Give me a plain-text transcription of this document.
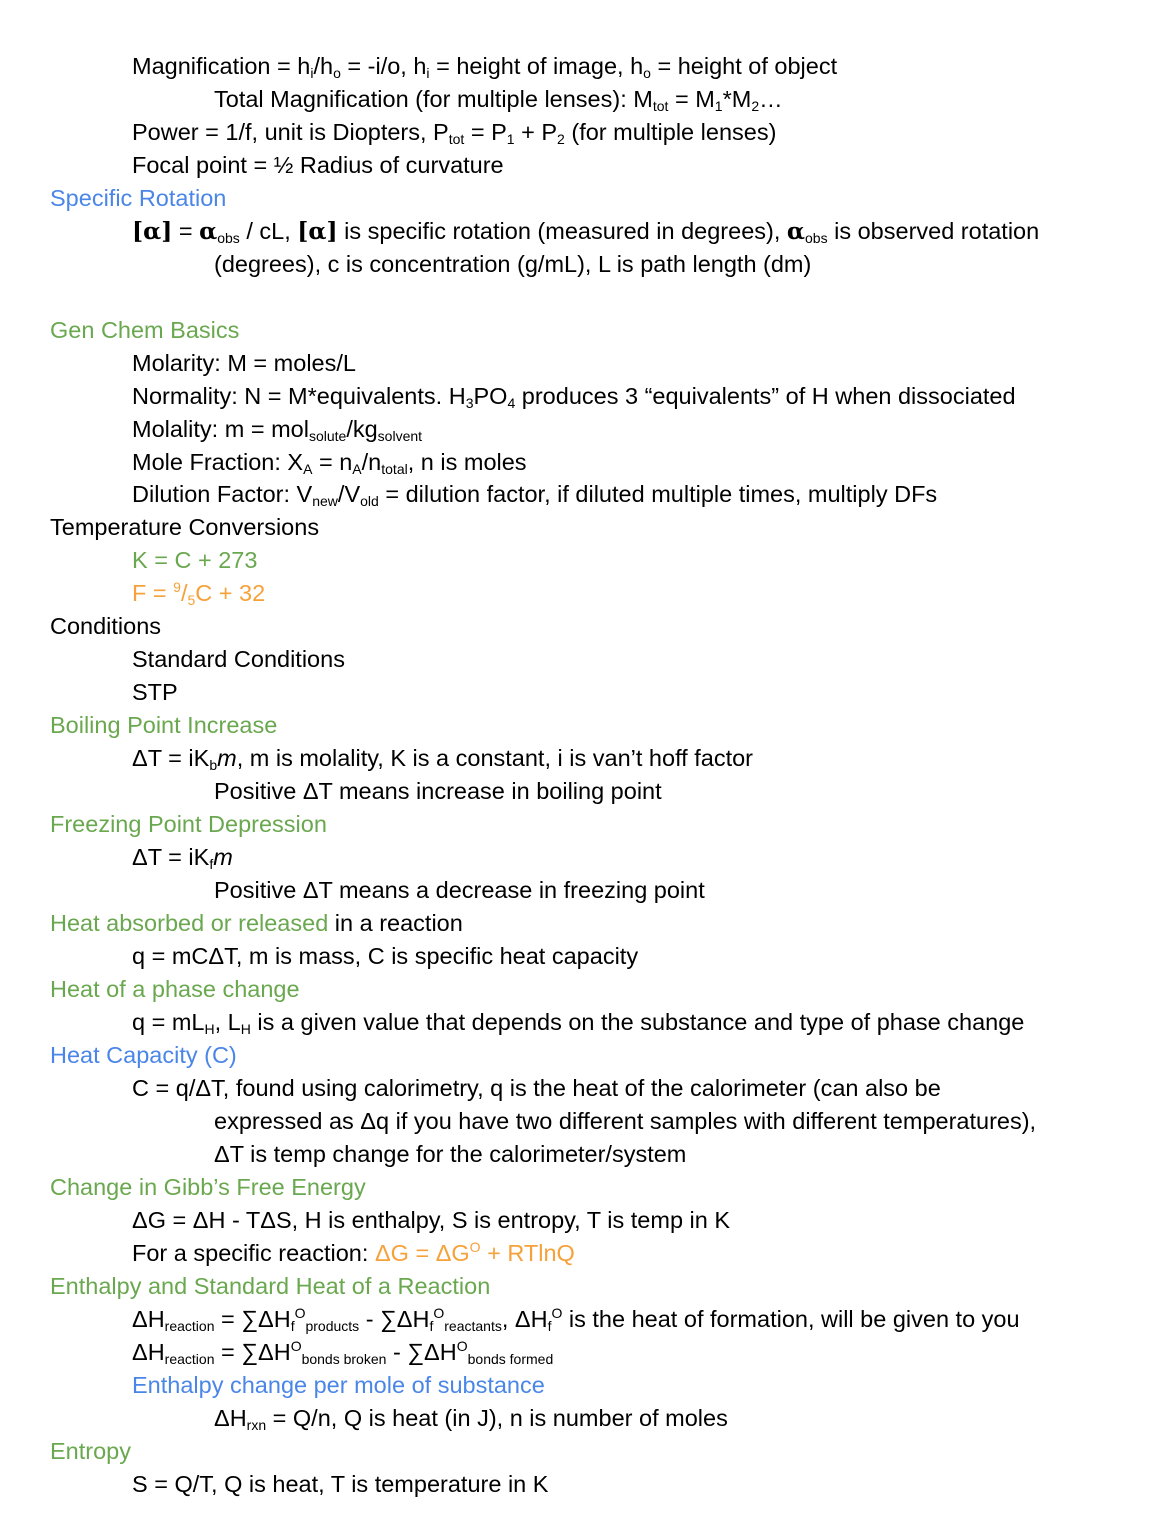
Magnification = $h_i/h_o = -i/o$, $h_i$ = height of image, $h_o$ = height of object
Total Magnification (for multiple lenses): $M_{tot}$ = $M_1*M_2\dots$
Power = 1/f, unit is Diopters, $P_{tot} = P_1 + P_2$ (for multiple lenses)
Focal point = ½ Radius of curvature
Specific Rotation
$[\alpha] = \alpha_{obs}$ / cL, [α] is specific rotation (measured in degrees), $\alpha_{obs}$ is observed rotation
(degrees), c is concentration (g/mL), L is path length (dm)
Gen Chem Basics
Molarity: M = moles/L
Normality: N = M*equivalents. $H_3PO_4$ produces 3 “equivalents” of H when dissociated
Molality: $m = mol_{solute}/kg_{solvent}$
Mole Fraction: $X_A = n_A/n_{total}$, n is moles
Dilution Factor: $V_{new}/V_{old}$ = dilution factor, if diluted multiple times, multiply DFs
Temperature Conversions
K = C + 273
$F = ^9/_5C + 32$
Conditions
Standard Conditions
STP
Boiling Point Increase
$\Delta T = iK_bm$, m is molality, K is a constant, i is van’t hoff factor
Positive ΔT means increase in boiling point
Freezing Point Depression
$\Delta T = iK_fm$
Positive ΔT means a decrease in freezing point
Heat absorbed or released in a reaction
q = mCΔT, m is mass, C is specific heat capacity
Heat of a phase change
$q = mL_H$, $L_H$ is a given value that depends on the substance and type of phase change
Heat Capacity (C)
C = q/ΔT, found using calorimetry, q is the heat of the calorimeter (can also be
expressed as Δq if you have two different samples with different temperatures),
ΔT is temp change for the calorimeter/system
Change in Gibb’s Free Energy
ΔG = ΔH - TΔS, H is enthalpy, S is entropy, T is temp in K
For a specific reaction: $\Delta G = \Delta G^O + RTlnQ$
Enthalpy and Standard Heat of a Reaction
$\Delta H_{reaction} = \sum\Delta H_f^O_{products} - \sum\Delta H_f^O_{reactants}$, $\Delta H_f^O$ is the heat of formation, will be given to you
$\Delta H_{reaction} = \sum\Delta H^O_{bonds broken} - \sum\Delta H^O_{bonds formed}$
Enthalpy change per mole of substance
$\Delta H_{rxn} = Q/n$, Q is heat (in J), n is number of moles
Entropy
S = Q/T, Q is heat, T is temperature in K
